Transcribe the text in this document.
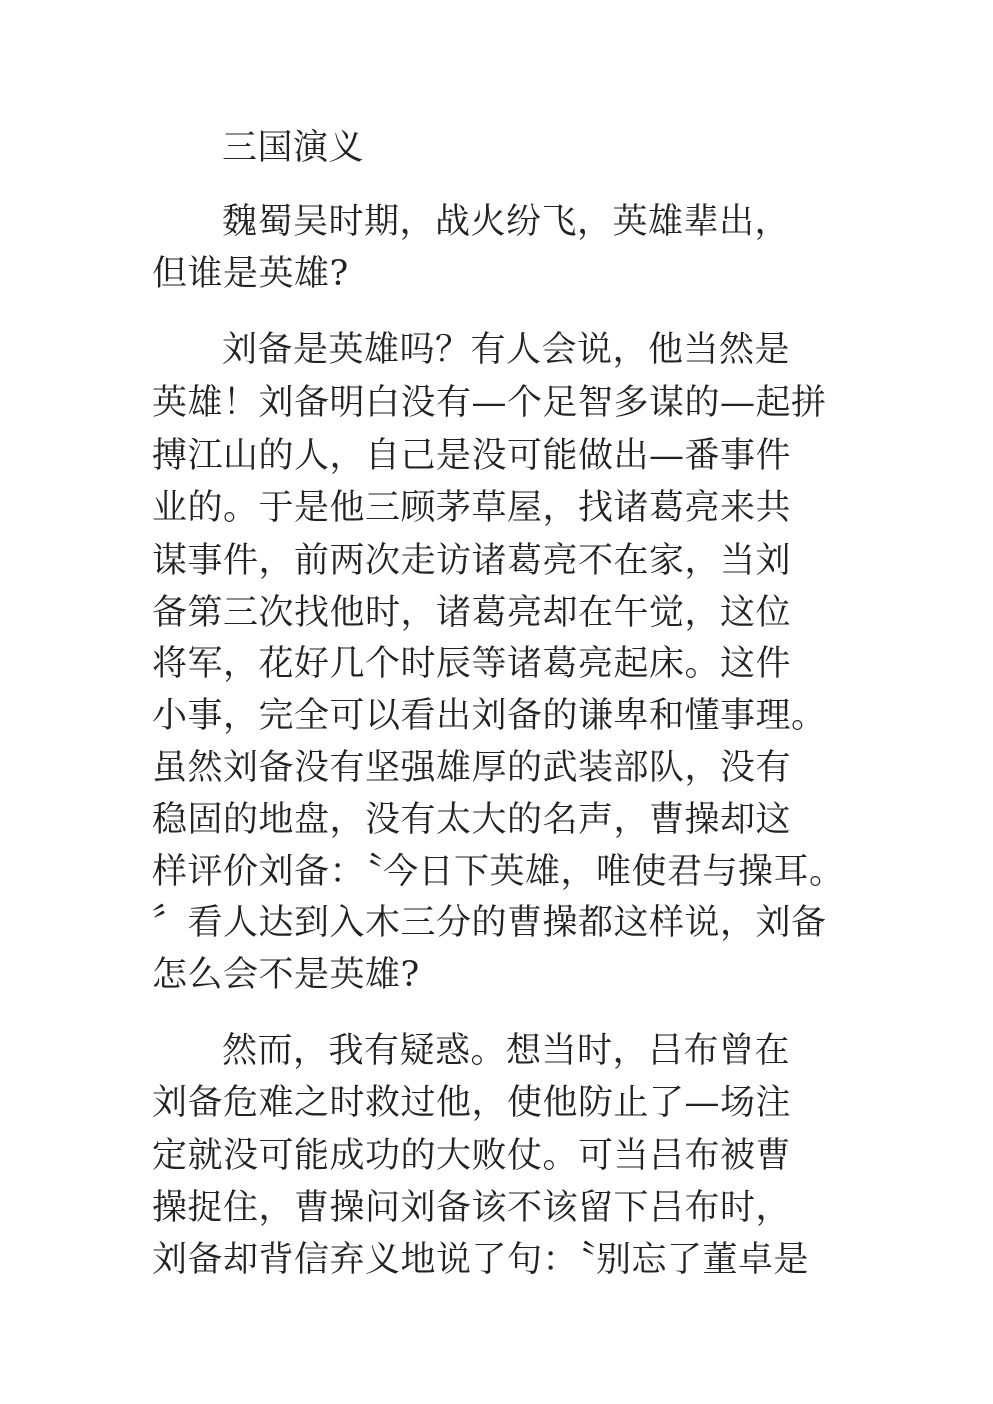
三国演义
魏蜀吴时期，战火纷飞，英雄辈出，
但谁是英雄?
刘备是英雄吗？有人会说，他当然是
英雄！刘备明白没有—个足智多谋的—起拼
搏江山的人，自己是没可能做出—番事件
业的。于是他三顾茅草屋，找诸葛亮来共
谋事件，前两次走访诸葛亮不在家，当刘
备第三次找他时，诸葛亮却在午觉，这位
将军，花好几个时辰等诸葛亮起床。这件
小事，完全可以看出刘备的谦卑和懂事理。
虽然刘备没有坚强雄厚的武装部队，没有
稳固的地盘，没有太大的名声，曹操却这
样评价刘备：〝今日下英雄，唯使君与操耳。
〞看人达到入木三分的曹操都这样说，刘备
怎么会不是英雄?
然而，我有疑惑。想当时，吕布曾在
刘备危难之时救过他，使他防止了—场注
定就没可能成功的大败仗。可当吕布被曹
操捉住，曹操问刘备该不该留下吕布时，
刘备却背信弃义地说了句：〝别忘了董卓是
